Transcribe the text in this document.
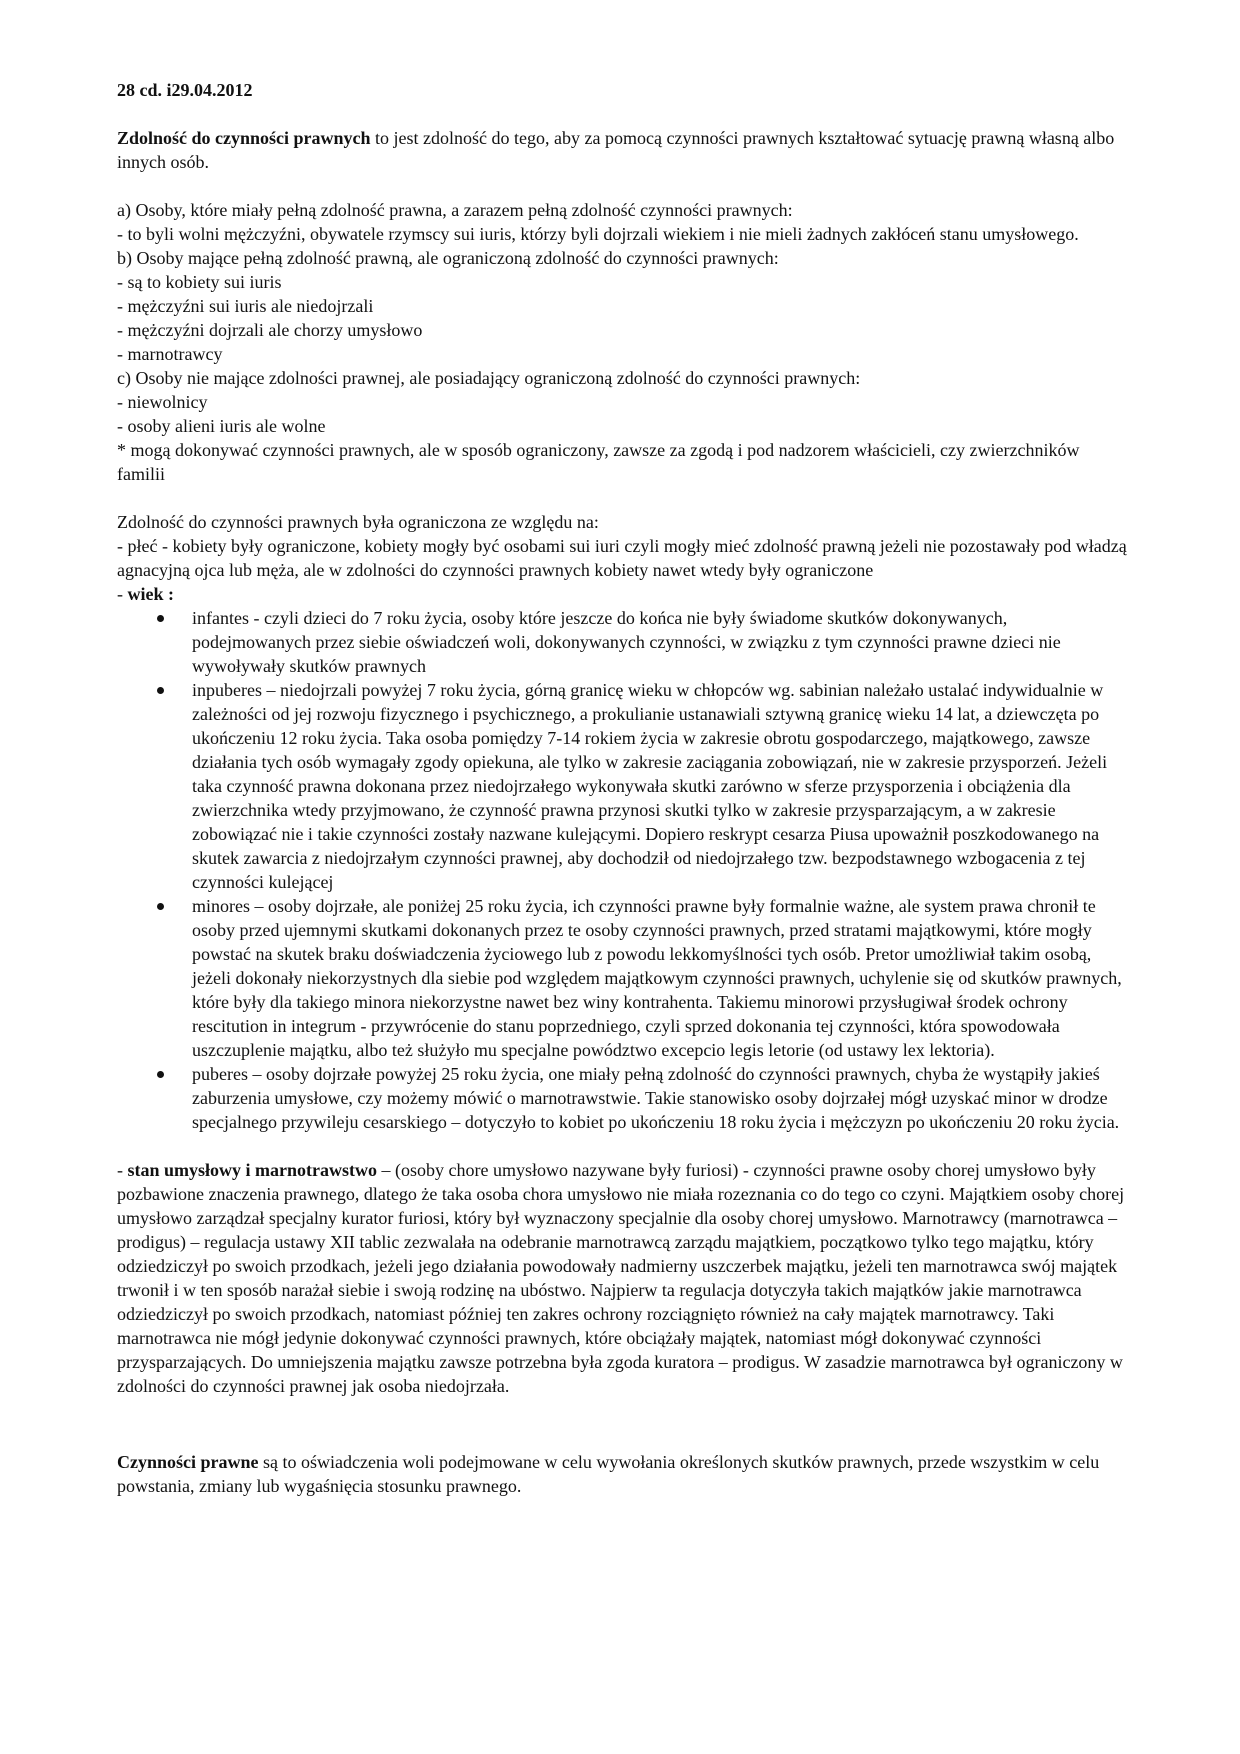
28 cd. i29.04.2012

Zdolność do czynności prawnych to jest zdolność do tego, aby za pomocą czynności prawnych kształtować sytuację prawną własną albo innych osób.

a) Osoby, które miały pełną zdolność prawna, a zarazem pełną zdolność czynności prawnych:

- to byli wolni mężczyźni, obywatele rzymscy sui iuris, którzy byli dojrzali wiekiem i nie mieli żadnych zakłóceń stanu umysłowego.

b) Osoby mające pełną zdolność prawną, ale ograniczoną zdolność do czynności prawnych:

- są to kobiety sui iuris

- mężczyźni sui iuris ale niedojrzali

- mężczyźni dojrzali ale chorzy umysłowo

- marnotrawcy

c) Osoby nie mające zdolności prawnej, ale posiadający ograniczoną zdolność do czynności prawnych:

- niewolnicy

- osoby alieni iuris ale wolne

* mogą dokonywać czynności prawnych, ale w sposób ograniczony, zawsze za zgodą i pod nadzorem właścicieli, czy zwierzchników familii

Zdolność do czynności prawnych była ograniczona ze względu na:

- płeć - kobiety były ograniczone, kobiety mogły być osobami sui iuri czyli mogły mieć zdolność prawną jeżeli nie pozostawały pod władzą agnacyjną ojca lub męża, ale w zdolności do czynności prawnych kobiety nawet wtedy były ograniczone

- wiek :

infantes - czyli dzieci do 7 roku życia, osoby które jeszcze do końca nie były świadome skutków dokonywanych, podejmowanych przez siebie oświadczeń woli, dokonywanych czynności, w związku z tym czynności prawne dzieci nie wywoływały skutków prawnych
inpuberes – niedojrzali powyżej 7 roku życia, górną granicę wieku w chłopców wg. sabinian należało ustalać indywidualnie w zależności od jej rozwoju fizycznego i psychicznego, a prokulianie ustanawiali sztywną granicę wieku 14 lat, a dziewczęta po ukończeniu 12 roku życia. Taka osoba pomiędzy 7-14 rokiem życia w zakresie obrotu gospodarczego, majątkowego, zawsze działania tych osób wymagały zgody opiekuna, ale tylko w zakresie zaciągania zobowiązań, nie w zakresie przysporzeń. Jeżeli taka czynność prawna dokonana przez niedojrzałego wykonywała skutki zarówno w sferze przysporzenia i obciążenia dla zwierzchnika wtedy przyjmowano, że czynność prawna przynosi skutki tylko w zakresie przysparzającym, a w zakresie zobowiązać nie i takie czynności zostały nazwane kulejącymi. Dopiero reskrypt cesarza Piusa upoważnił poszkodowanego na skutek zawarcia z niedojrzałym czynności prawnej, aby dochodził od niedojrzałego tzw. bezpodstawnego wzbogacenia z tej czynności kulejącej
minores – osoby dojrzałe, ale poniżej 25 roku życia, ich czynności prawne były formalnie ważne, ale system prawa chronił te osoby przed ujemnymi skutkami dokonanych przez te osoby czynności prawnych, przed stratami majątkowymi, które mogły powstać na skutek braku doświadczenia życiowego lub z powodu lekkomyślności tych osób. Pretor umożliwiał takim osobą, jeżeli dokonały niekorzystnych dla siebie pod względem majątkowym czynności prawnych, uchylenie się od skutków prawnych, które były dla takiego minora niekorzystne nawet bez winy kontrahenta. Takiemu minorowi przysługiwał środek ochrony rescitution in integrum - przywrócenie do stanu poprzedniego, czyli sprzed dokonania tej czynności, która spowodowała uszczuplenie majątku, albo też służyło mu specjalne powództwo excepcio legis letorie (od ustawy lex lektoria).
puberes – osoby dojrzałe powyżej 25 roku życia, one miały pełną zdolność do czynności prawnych, chyba że wystąpiły jakieś zaburzenia umysłowe, czy możemy mówić o marnotrawstwie. Takie stanowisko osoby dojrzałej mógł uzyskać minor w drodze specjalnego przywileju cesarskiego – dotyczyło to kobiet po ukończeniu 18 roku życia i mężczyzn po ukończeniu 20 roku życia.

- stan umysłowy i marnotrawstwo – (osoby chore umysłowo nazywane były furiosi) - czynności prawne osoby chorej umysłowo były pozbawione znaczenia prawnego, dlatego że taka osoba chora umysłowo nie miała rozeznania co do tego co czyni. Majątkiem osoby chorej umysłowo zarządzał specjalny kurator furiosi, który był wyznaczony specjalnie dla osoby chorej umysłowo. Marnotrawcy (marnotrawca – prodigus) – regulacja ustawy XII tablic zezwalała na odebranie marnotrawcą zarządu majątkiem, początkowo tylko tego majątku, który odziedziczył po swoich przodkach, jeżeli jego działania powodowały nadmierny uszczerbek majątku, jeżeli ten marnotrawca swój majątek trwonił i w ten sposób narażał siebie i swoją rodzinę na ubóstwo. Najpierw ta regulacja dotyczyła takich majątków jakie marnotrawca odziedziczył po swoich przodkach, natomiast później ten zakres ochrony rozciągnięto również na cały majątek marnotrawcy. Taki marnotrawca nie mógł jedynie dokonywać czynności prawnych, które obciążały majątek, natomiast mógł dokonywać czynności przysparzających. Do umniejszenia majątku zawsze potrzebna była zgoda kuratora – prodigus. W zasadzie marnotrawca był ograniczony w zdolności do czynności prawnej jak osoba niedojrzała.

Czynności prawne są to oświadczenia woli podejmowane w celu wywołania określonych skutków prawnych, przede wszystkim w celu powstania, zmiany lub wygaśnięcia stosunku prawnego.
